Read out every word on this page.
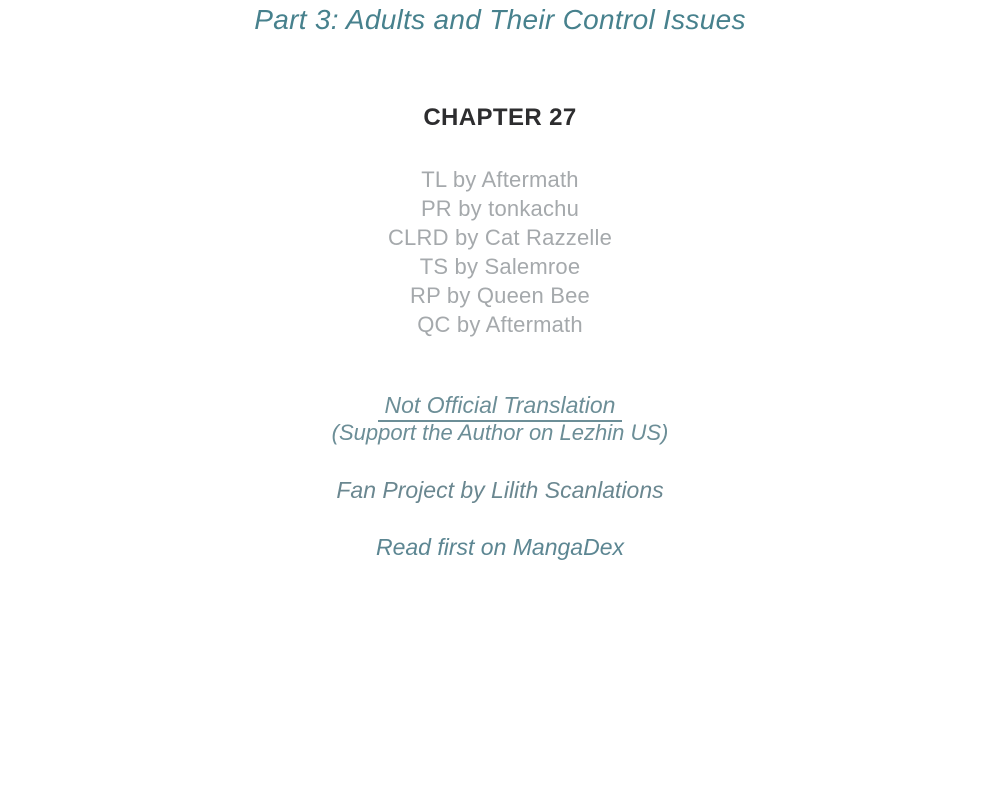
Part 3: Adults and Their Control Issues
CHAPTER 27
TL by Aftermath
PR by tonkachu
CLRD by Cat Razzelle
TS by Salemroe
RP by Queen Bee
QC by Aftermath
Not Official Translation
(Support the Author on Lezhin US)
Fan Project by Lilith Scanlations
Read first on MangaDex
